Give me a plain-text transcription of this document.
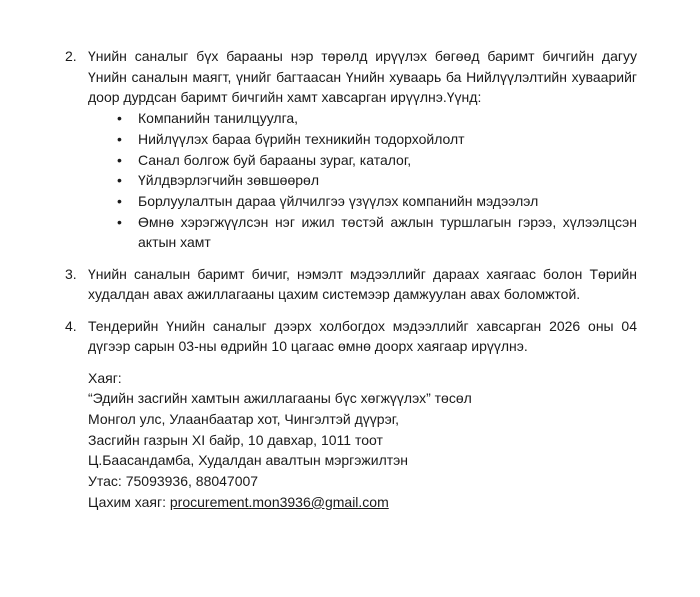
2. Үнийн саналыг бүх барааны нэр төрөлд ирүүлэх бөгөөд баримт бичгийн дагуу Үнийн саналын маягт, үнийг багтаасан Үнийн хуваарь ба Нийлүүлэлтийн хуваарийг доор дурдсан баримт бичгийн хамт хавсарган ирүүлнэ.Үүнд:
•	Компанийн танилцуулга,
•	Нийлүүлэх бараа бүрийн техникийн тодорхойлолт
•	Санал болгож буй барааны зураг, каталог,
•	Үйлдвэрлэгчийн зөвшөөрөл
•	Борлуулалтын дараа үйлчилгээ үзүүлэх компанийн мэдээлэл
•	Өмнө хэрэгжүүлсэн нэг ижил төстэй ажлын туршлагын гэрээ, хүлээлцсэн актын хамт
3. Үнийн саналын баримт бичиг, нэмэлт мэдээллийг дараах хаягаас болон Төрийн худалдан авах ажиллагааны цахим системээр дамжуулан авах боломжтой.
4. Тендерийн Үнийн саналыг дээрх холбогдох мэдээллийг хавсарган 2026 оны 04 дүгээр сарын 03-ны өдрийн 10 цагаас өмнө доорх хаягаар ирүүлнэ.
Хаяг:
“Эдийн засгийн хамтын ажиллагааны бүс хөгжүүлэх” төсөл
Монгол улс, Улаанбаатар хот, Чингэлтэй дүүрэг,
Засгийн газрын XI байр, 10 давхар, 1011 тоот
Ц.Баасандамба, Худалдан авалтын мэргэжилтэн
Утас: 75093936, 88047007
Цахим хаяг: procurement.mon3936@gmail.com
